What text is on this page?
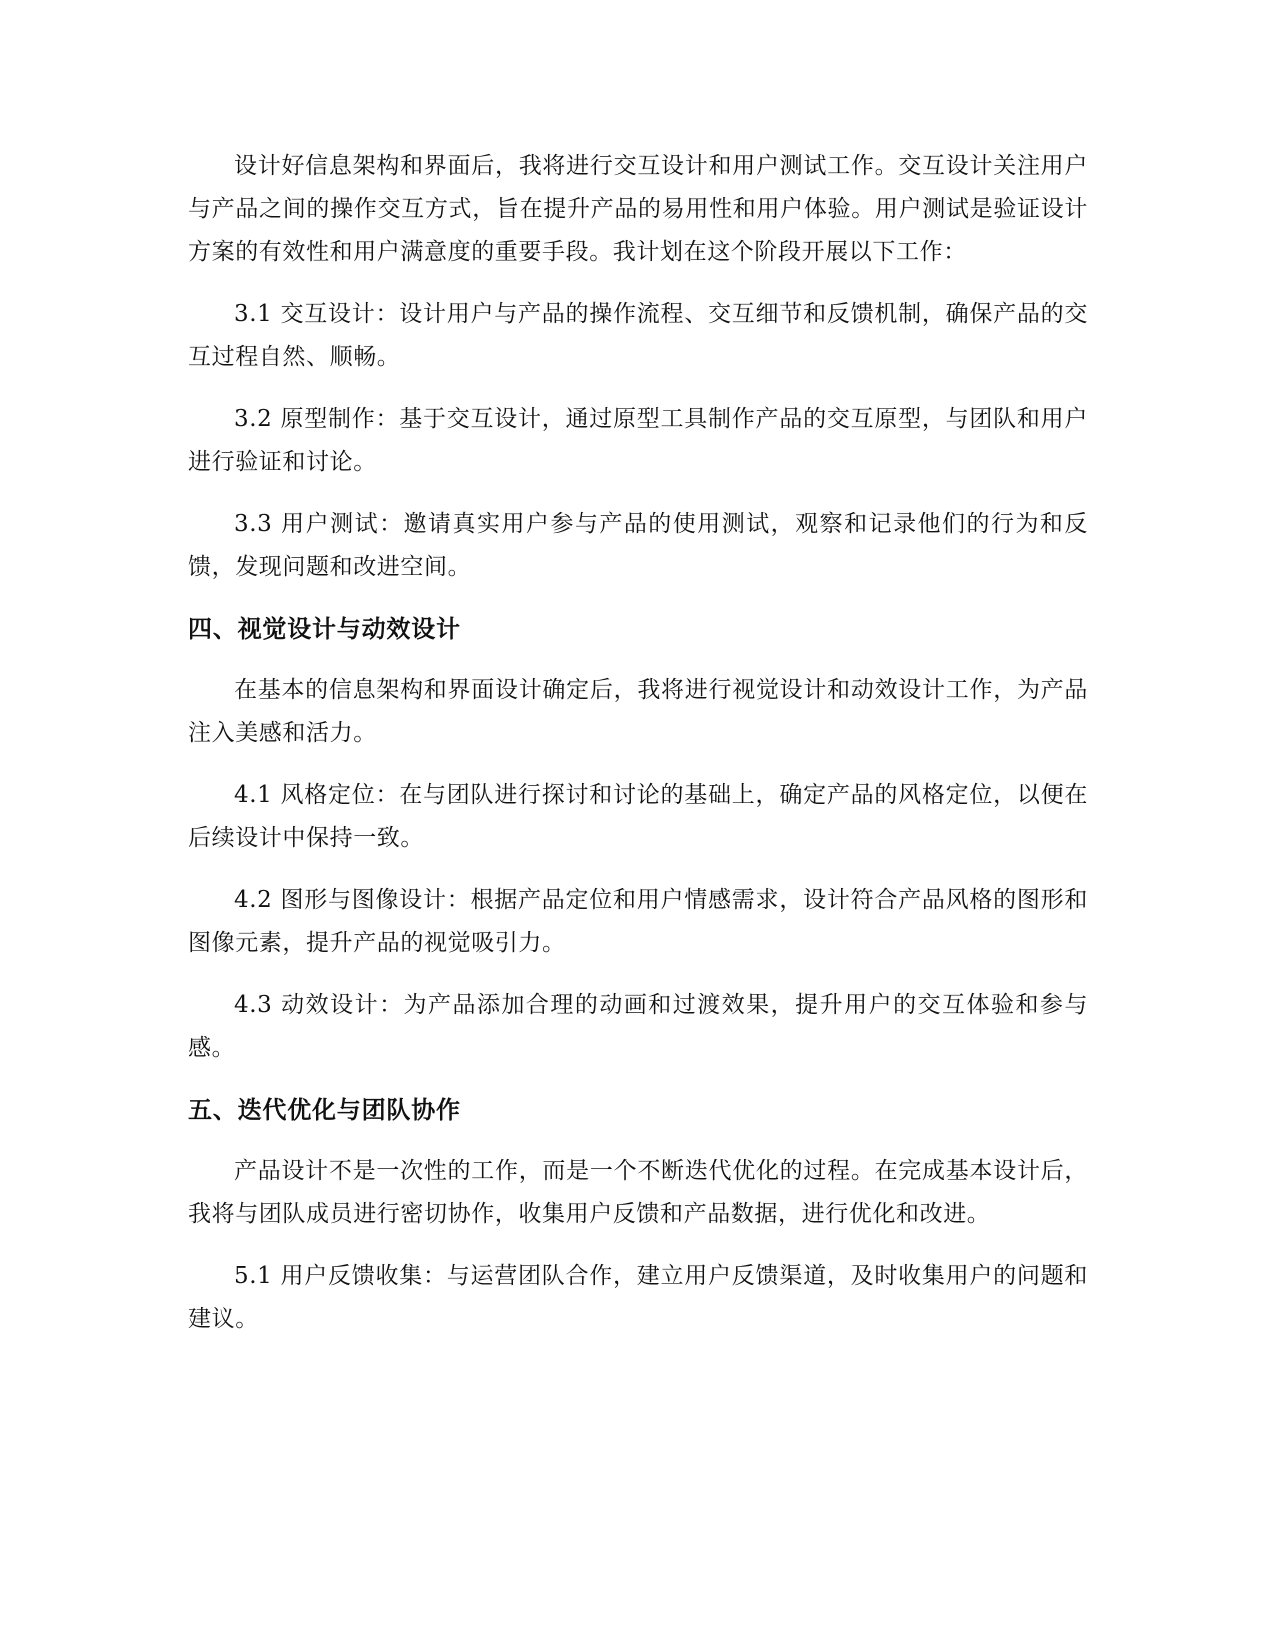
设计好信息架构和界面后，我将进行交互设计和用户测试工作。交互设计关注用户与产品之间的操作交互方式，旨在提升产品的易用性和用户体验。用户测试是验证设计方案的有效性和用户满意度的重要手段。我计划在这个阶段开展以下工作：

3.1 交互设计：设计用户与产品的操作流程、交互细节和反馈机制，确保产品的交互过程自然、顺畅。

3.2 原型制作：基于交互设计，通过原型工具制作产品的交互原型，与团队和用户进行验证和讨论。

3.3 用户测试：邀请真实用户参与产品的使用测试，观察和记录他们的行为和反馈，发现问题和改进空间。

四、视觉设计与动效设计

在基本的信息架构和界面设计确定后，我将进行视觉设计和动效设计工作，为产品注入美感和活力。

4.1 风格定位：在与团队进行探讨和讨论的基础上，确定产品的风格定位，以便在后续设计中保持一致。

4.2 图形与图像设计：根据产品定位和用户情感需求，设计符合产品风格的图形和图像元素，提升产品的视觉吸引力。

4.3 动效设计：为产品添加合理的动画和过渡效果，提升用户的交互体验和参与感。

五、迭代优化与团队协作

产品设计不是一次性的工作，而是一个不断迭代优化的过程。在完成基本设计后，我将与团队成员进行密切协作，收集用户反馈和产品数据，进行优化和改进。

5.1 用户反馈收集：与运营团队合作，建立用户反馈渠道，及时收集用户的问题和建议。
